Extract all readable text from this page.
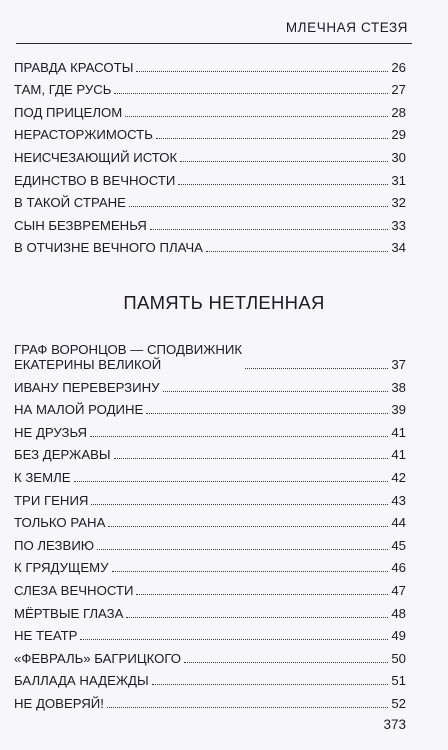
МЛЕЧНАЯ СТЕЗЯ
ПРАВДА КРАСОТЫ	26
ТАМ, ГДЕ РУСЬ	27
ПОД ПРИЦЕЛОМ	28
НЕРАСТОРЖИМОСТЬ	29
НЕИСЧЕЗАЮЩИЙ ИСТОК	30
ЕДИНСТВО В ВЕЧНОСТИ	31
В ТАКОЙ СТРАНЕ	32
СЫН БЕЗВРЕМЕНЬЯ	33
В ОТЧИЗНЕ ВЕЧНОГО ПЛАЧА	34
ПАМЯТЬ НЕТЛЕННАЯ
ГРАФ ВОРОНЦОВ — СПОДВИЖНИК
ЕКАТЕРИНЫ ВЕЛИКОЙ	37
ИВАНУ ПЕРЕВЕРЗИНУ	38
НА МАЛОЙ РОДИНЕ	39
НЕ ДРУЗЬЯ	41
БЕЗ ДЕРЖАВЫ	41
К ЗЕМЛЕ	42
ТРИ ГЕНИЯ	43
ТОЛЬКО РАНА	44
ПО ЛЕЗВИЮ	45
К ГРЯДУЩЕМУ	46
СЛЕЗА ВЕЧНОСТИ	47
МЁРТВЫЕ ГЛАЗА	48
НЕ ТЕАТР	49
«ФЕВРАЛЬ» БАГРИЦКОГО	50
БАЛЛАДА НАДЕЖДЫ	51
НЕ ДОВЕРЯЙ!	52
373
